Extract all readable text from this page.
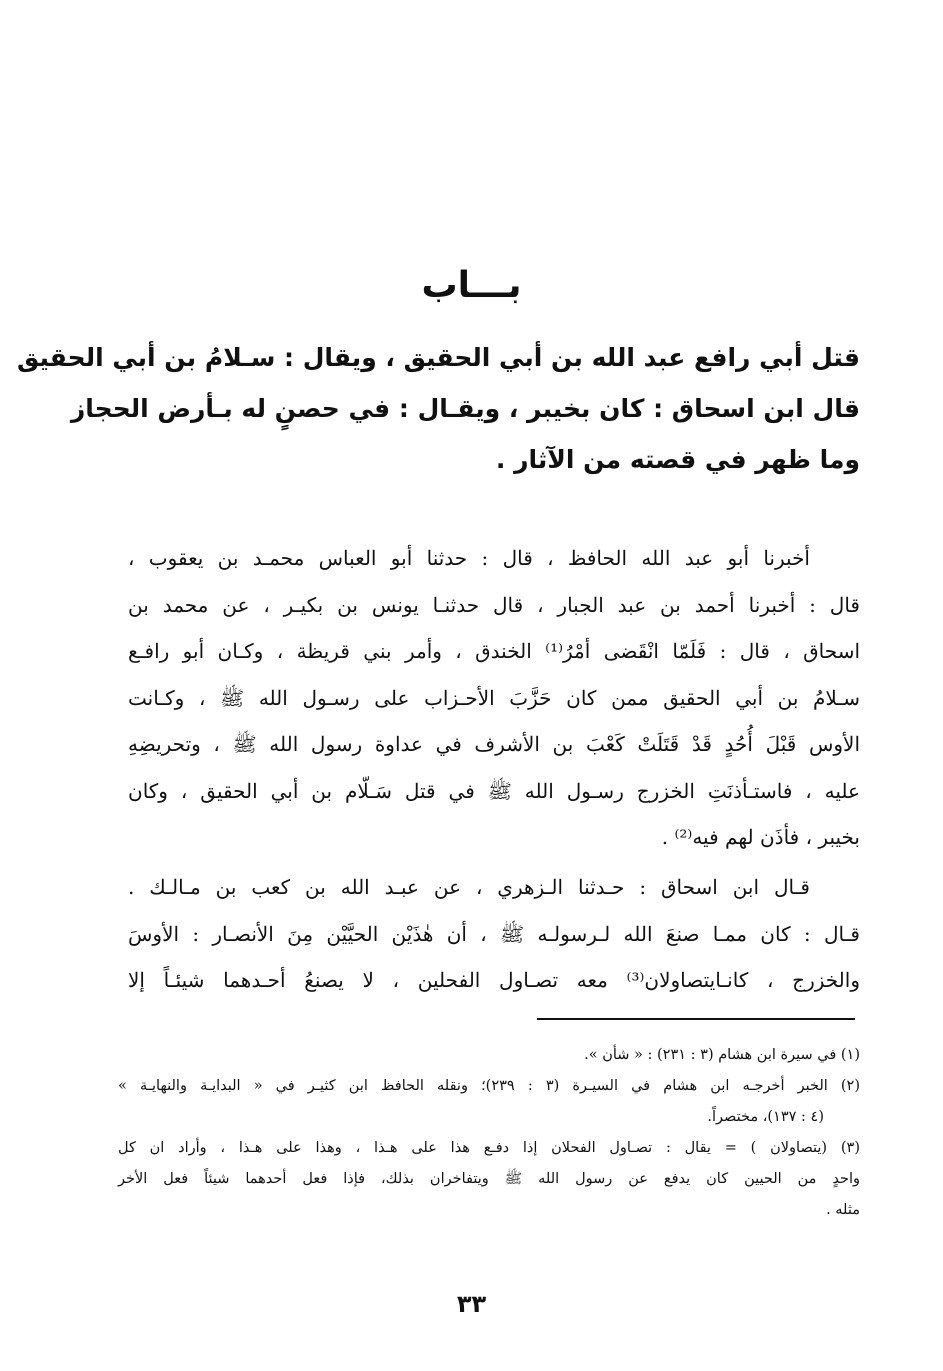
بـــاب
قتل أبي رافع عبد الله بن أبي الحقيق ، ويقال : سـلامُ بن أبي الحقيق
قال ابن اسحاق : كان بخيبر ، ويقـال : في حصنٍ له بـأرض الحجاز
وما ظهر في قصته من الآثار .
أخبرنا أبو عبد الله الحافظ ، قال : حدثنا أبو العباس محمـد بن يعقوب ،
قال : أخبرنا أحمد بن عبد الجبار ، قال حدثنـا يونس بن بكيـر ، عن محمد بن
اسحاق ، قال : فَلَمّا انْقَضى أمْرُ⁽¹⁾ الخندق ، وأمر بني قريظة ، وكـان أبو رافـع
سـلامُ بن أبي الحقيق ممن كان حَزَّبَ الأحـزاب على رسـول الله ﷺ ، وكـانت
الأوس قَبْلَ أُحُدٍ قَدْ قَتَلَتْ كَعْبَ بن الأشرف في عداوة رسول الله ﷺ ، وتحريضِهِ
عليه ، فاستـأذنَتِ الخزرج رسـول الله ﷺ في قتل سَـلّام بن أبي الحقيق ، وكان
بخيبر ، فأذَن لهم فيه⁽²⁾ .
قـال ابن اسحاق : حـدثنا الـزهري ، عن عبـد الله بن كعب بن مـالـك .
قـال : كان ممـا صنعَ الله لـرسولـه ﷺ ، أن هٰذَيْن الحيَّيْن مِنَ الأنصـار : الأوسَ
والخزرج ، كانـايتصاولان⁽³⁾ معه تصـاول الفحلين ، لا يصنعُ أحـدهما شيئـاً إلا
(١) في سيرة ابن هشام (٣ : ٢٣١) : « شأن ».
(٢) الخبر أخرجـه ابن هشام في السيـرة (٣ : ٢٣٩)؛ ونقله الحافظ ابن كثيـر في « البدايـة والنهايـة »
(٤ : ١٣٧)، مختصراً.
(٣) (يتصاولان ) = يقال : تصـاول الفحلان إذا دفـع هذا على هـذا ، وهذا على هـذا ، وأراد ان كل
واحدٍ من الحيين كان يدفع عن رسول الله ﷺ ويتفاخران بذلك، فإذا فعل أحدهما شيئاً فعل الأخر
مثله .
٣٣
